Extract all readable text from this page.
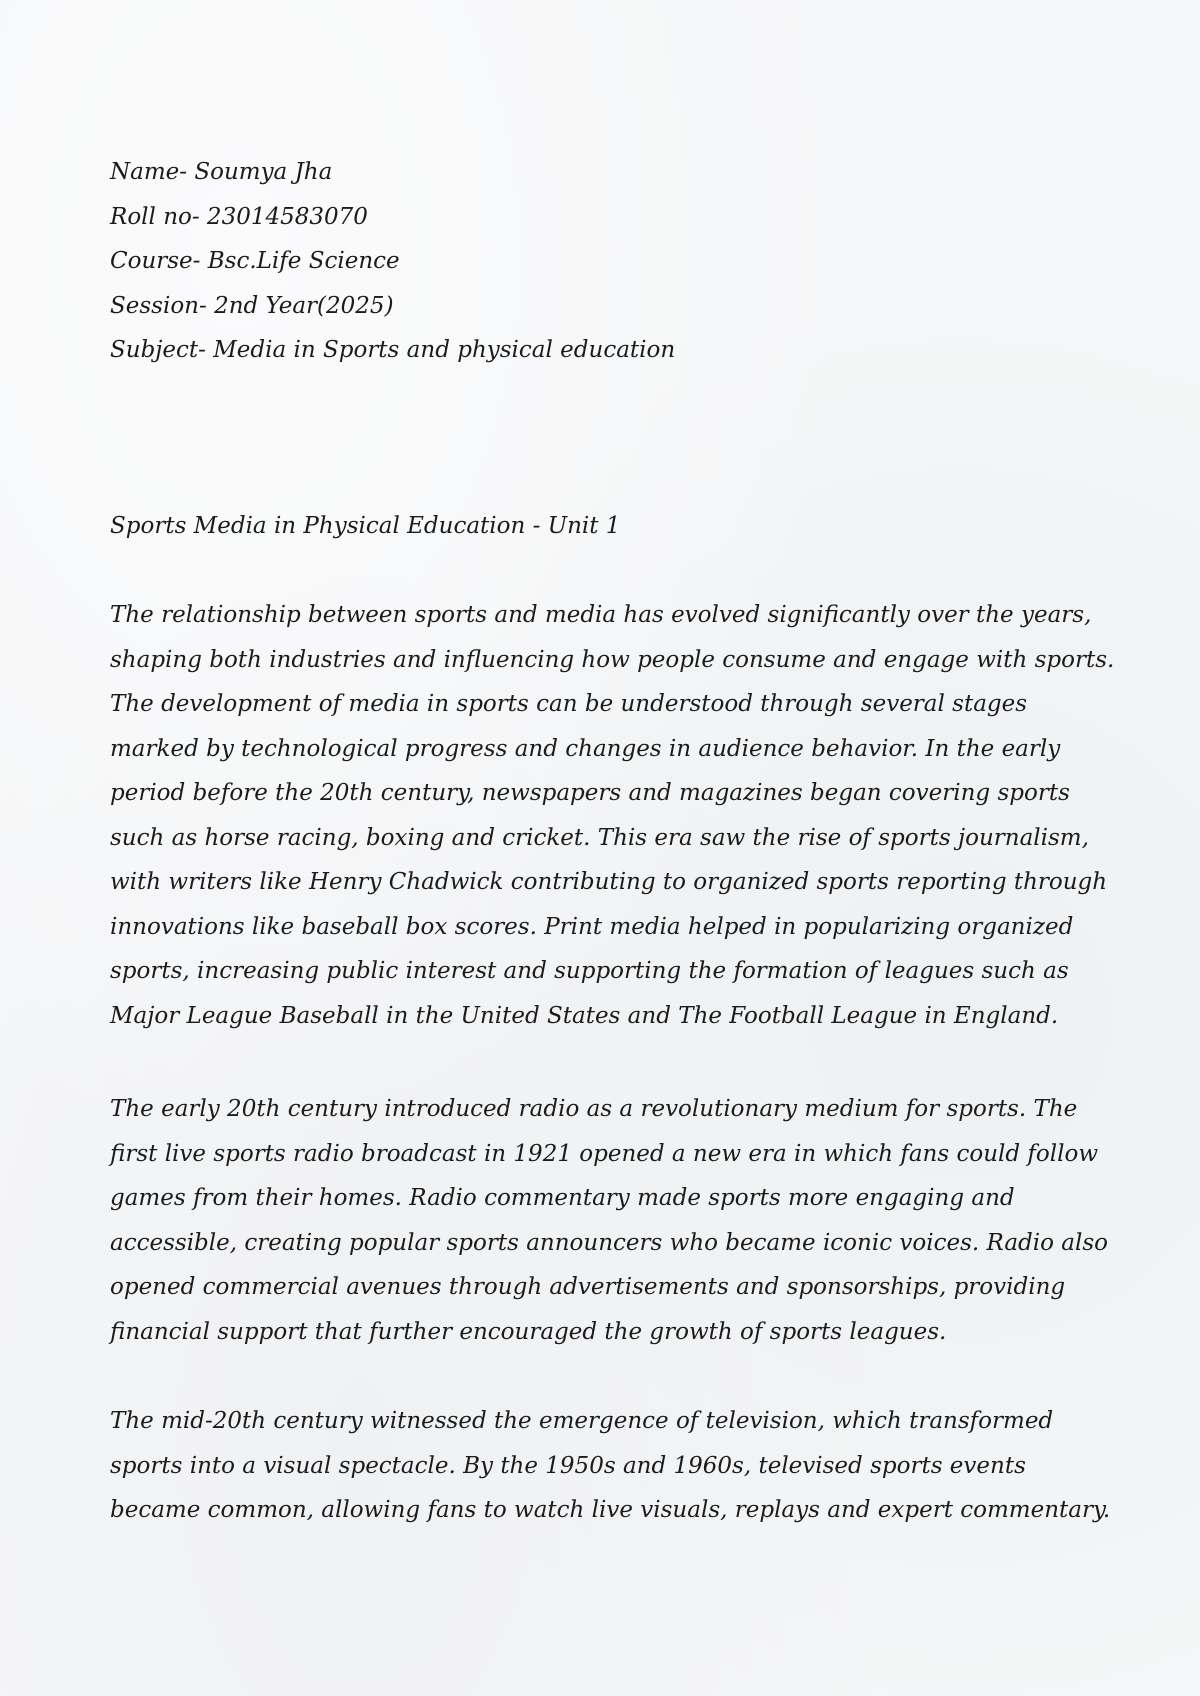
Name- Soumya Jha
Roll no- 23014583070
Course- Bsc.Life Science
Session- 2nd Year(2025)
Subject- Media in Sports and physical education
Sports Media in Physical Education - Unit 1
The relationship between sports and media has evolved significantly over the years,
shaping both industries and influencing how people consume and engage with sports.
The development of media in sports can be understood through several stages
marked by technological progress and changes in audience behavior. In the early
period before the 20th century, newspapers and magazines began covering sports
such as horse racing, boxing and cricket. This era saw the rise of sports journalism,
with writers like Henry Chadwick contributing to organized sports reporting through
innovations like baseball box scores. Print media helped in popularizing organized
sports, increasing public interest and supporting the formation of leagues such as
Major League Baseball in the United States and The Football League in England.
The early 20th century introduced radio as a revolutionary medium for sports. The
first live sports radio broadcast in 1921 opened a new era in which fans could follow
games from their homes. Radio commentary made sports more engaging and
accessible, creating popular sports announcers who became iconic voices. Radio also
opened commercial avenues through advertisements and sponsorships, providing
financial support that further encouraged the growth of sports leagues.
The mid-20th century witnessed the emergence of television, which transformed
sports into a visual spectacle. By the 1950s and 1960s, televised sports events
became common, allowing fans to watch live visuals, replays and expert commentary.
